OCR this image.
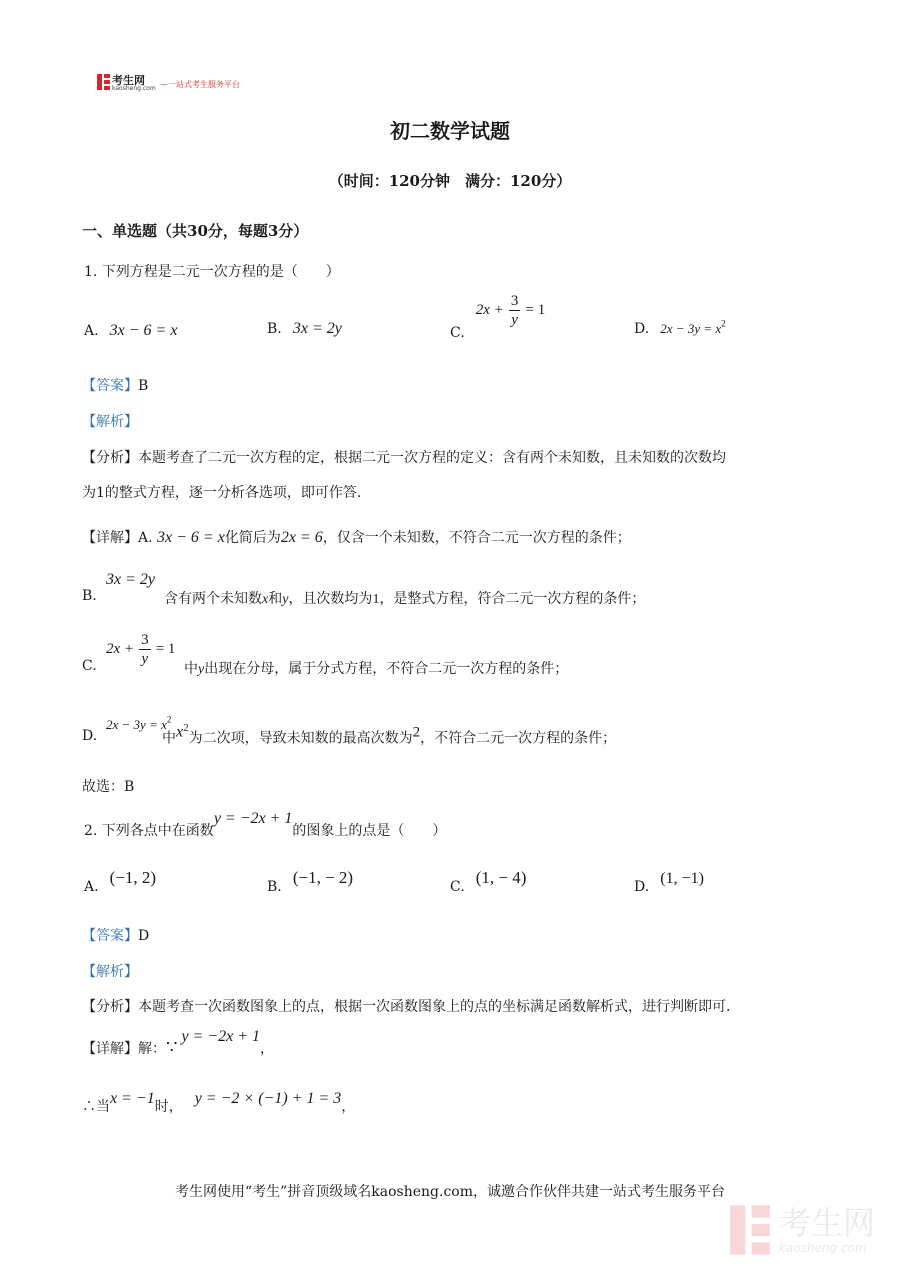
考生网
kaosheng.com —一站式考生服务平台
初二数学试题
（时间：120分钟　满分：120分）
一、单选题（共30分，每题3分）
1. 下列方程是二元一次方程的是（　　）
A. 3x − 6 = x	B. 3x = 2y	C. $2x + \frac{3}{y} = 1$
D. $2x - 3y = x^2$
【答案】B
【解析】
【分析】本题考查了二元一次方程的定，根据二元一次方程的定义：含有两个未知数，且未知数的次数均
为1的整式方程，逐一分析各选项，即可作答.
【详解】A. 3x − 6 = x化简后为2x = 6，仅含一个未知数，不符合二元一次方程的条件；
B.
3x = 2y
含有两个未知数x和y，且次数均为1，是整式方程，符合二元一次方程的条件；
C.
$2x + \frac{3}{y} = 1$
中y出现在分母，属于分式方程，不符合二元一次方程的条件；
D.
$2x - 3y = x^2$
中$x^2$为二次项，导致未知数的最高次数为2，不符合二元一次方程的条件；
故选：B
2. 下列各点中在函数y = −2x + 1的图象上的点是（　　）
A. (−1, 2)	B. (−1, − 2)	C. (1, − 4)	D. (1, −1)
【答案】D
【解析】
【分析】本题考查一次函数图象上的点，根据一次函数图象上的点的坐标满足函数解析式，进行判断即可.
【详解】解：∵y = −2x + 1，
∴当x = −1时， y = −2 × (−1) + 1 = 3，
考生网使用“考生”拼音顶级域名kaosheng.com，诚邀合作伙伴共建一站式考生服务平台

考生网
kaosheng.com
